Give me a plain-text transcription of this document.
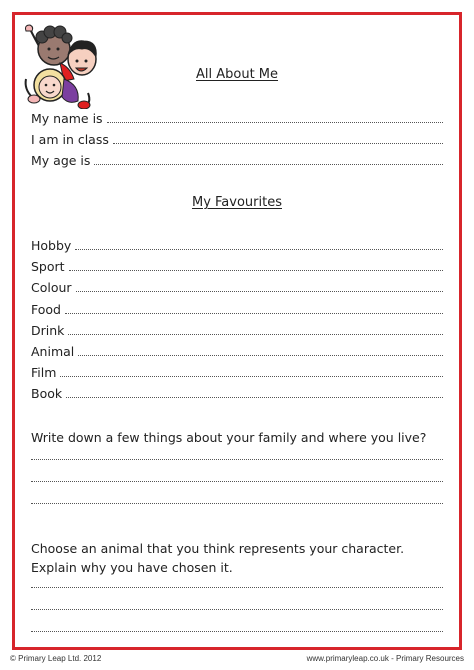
All About Me
My name is
I am in class
My age is
My Favourites
Hobby
Sport
Colour
Food
Drink
Animal
Film
Book

Write down a few things about your family and where you live?

Choose an animal that you think represents your character.
Explain why you have chosen it.

© Primary Leap Ltd. 2012	www.primaryleap.co.uk - Primary Resources
